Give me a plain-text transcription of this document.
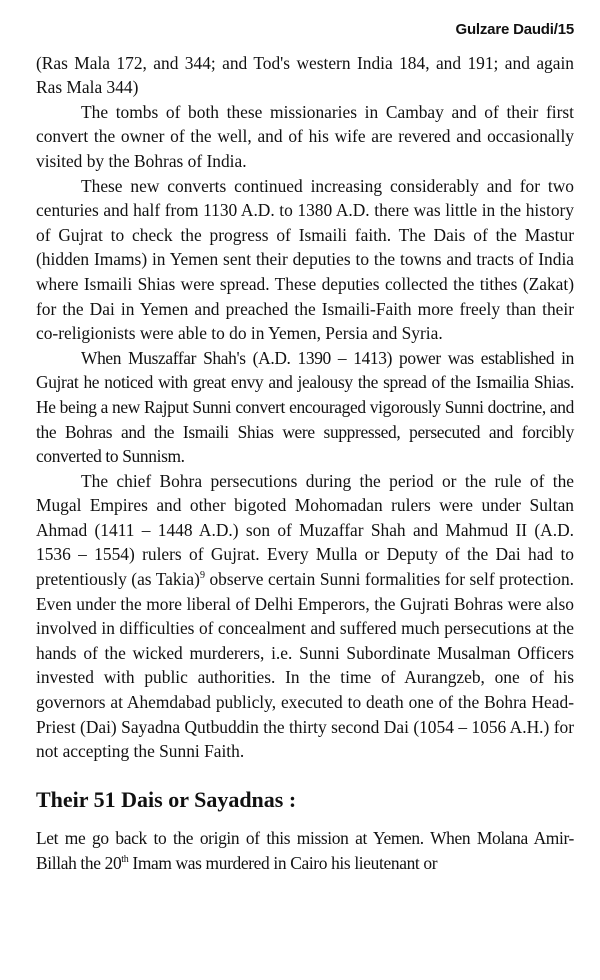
Gulzare Daudi/15

(Ras Mala 172, and 344; and Tod's western India 184, and 191; and again Ras Mala 344)

The tombs of both these missionaries in Cambay and of their first convert the owner of the well, and of his wife are revered and occasionally visited by the Bohras of India.

These new converts continued increasing considerably and for two centuries and half from 1130 A.D. to 1380 A.D. there was little in the history of Gujrat to check the progress of Ismaili faith. The Dais of the Mastur (hidden Imams) in Yemen sent their deputies to the towns and tracts of India where Ismaili Shias were spread. These deputies collected the tithes (Zakat) for the Dai in Yemen and preached the Ismaili-Faith more freely than their co-religionists were able to do in Yemen, Persia and Syria.

When Muszaffar Shah's (A.D. 1390 – 1413) power was established in Gujrat he noticed with great envy and jealousy the spread of the Ismailia Shias. He being a new Rajput Sunni convert encouraged vigorously Sunni doctrine, and the Bohras and the Ismaili Shias were suppressed, persecuted and forcibly converted to Sunnism.

The chief Bohra persecutions during the period or the rule of the Mugal Empires and other bigoted Mohomadan rulers were under Sultan Ahmad (1411 – 1448 A.D.) son of Muzaffar Shah and Mahmud II (A.D. 1536 – 1554) rulers of Gujrat. Every Mulla or Deputy of the Dai had to pretentiously (as Takia)$^9$ observe certain Sunni formalities for self protection. Even under the more liberal of Delhi Emperors, the Gujrati Bohras were also involved in difficulties of concealment and suffered much persecutions at the hands of the wicked murderers, i.e. Sunni Subordinate Musalman Officers invested with public authorities. In the time of Aurangzeb, one of his governors at Ahemdabad publicly, executed to death one of the Bohra Head-Priest (Dai) Sayadna Qutbuddin the thirty second Dai (1054 – 1056 A.H.) for not accepting the Sunni Faith.

Their 51 Dais or Sayadnas :

Let me go back to the origin of this mission at Yemen. When Molana Amir-Billah the 20th Imam was murdered in Cairo his lieutenant or
